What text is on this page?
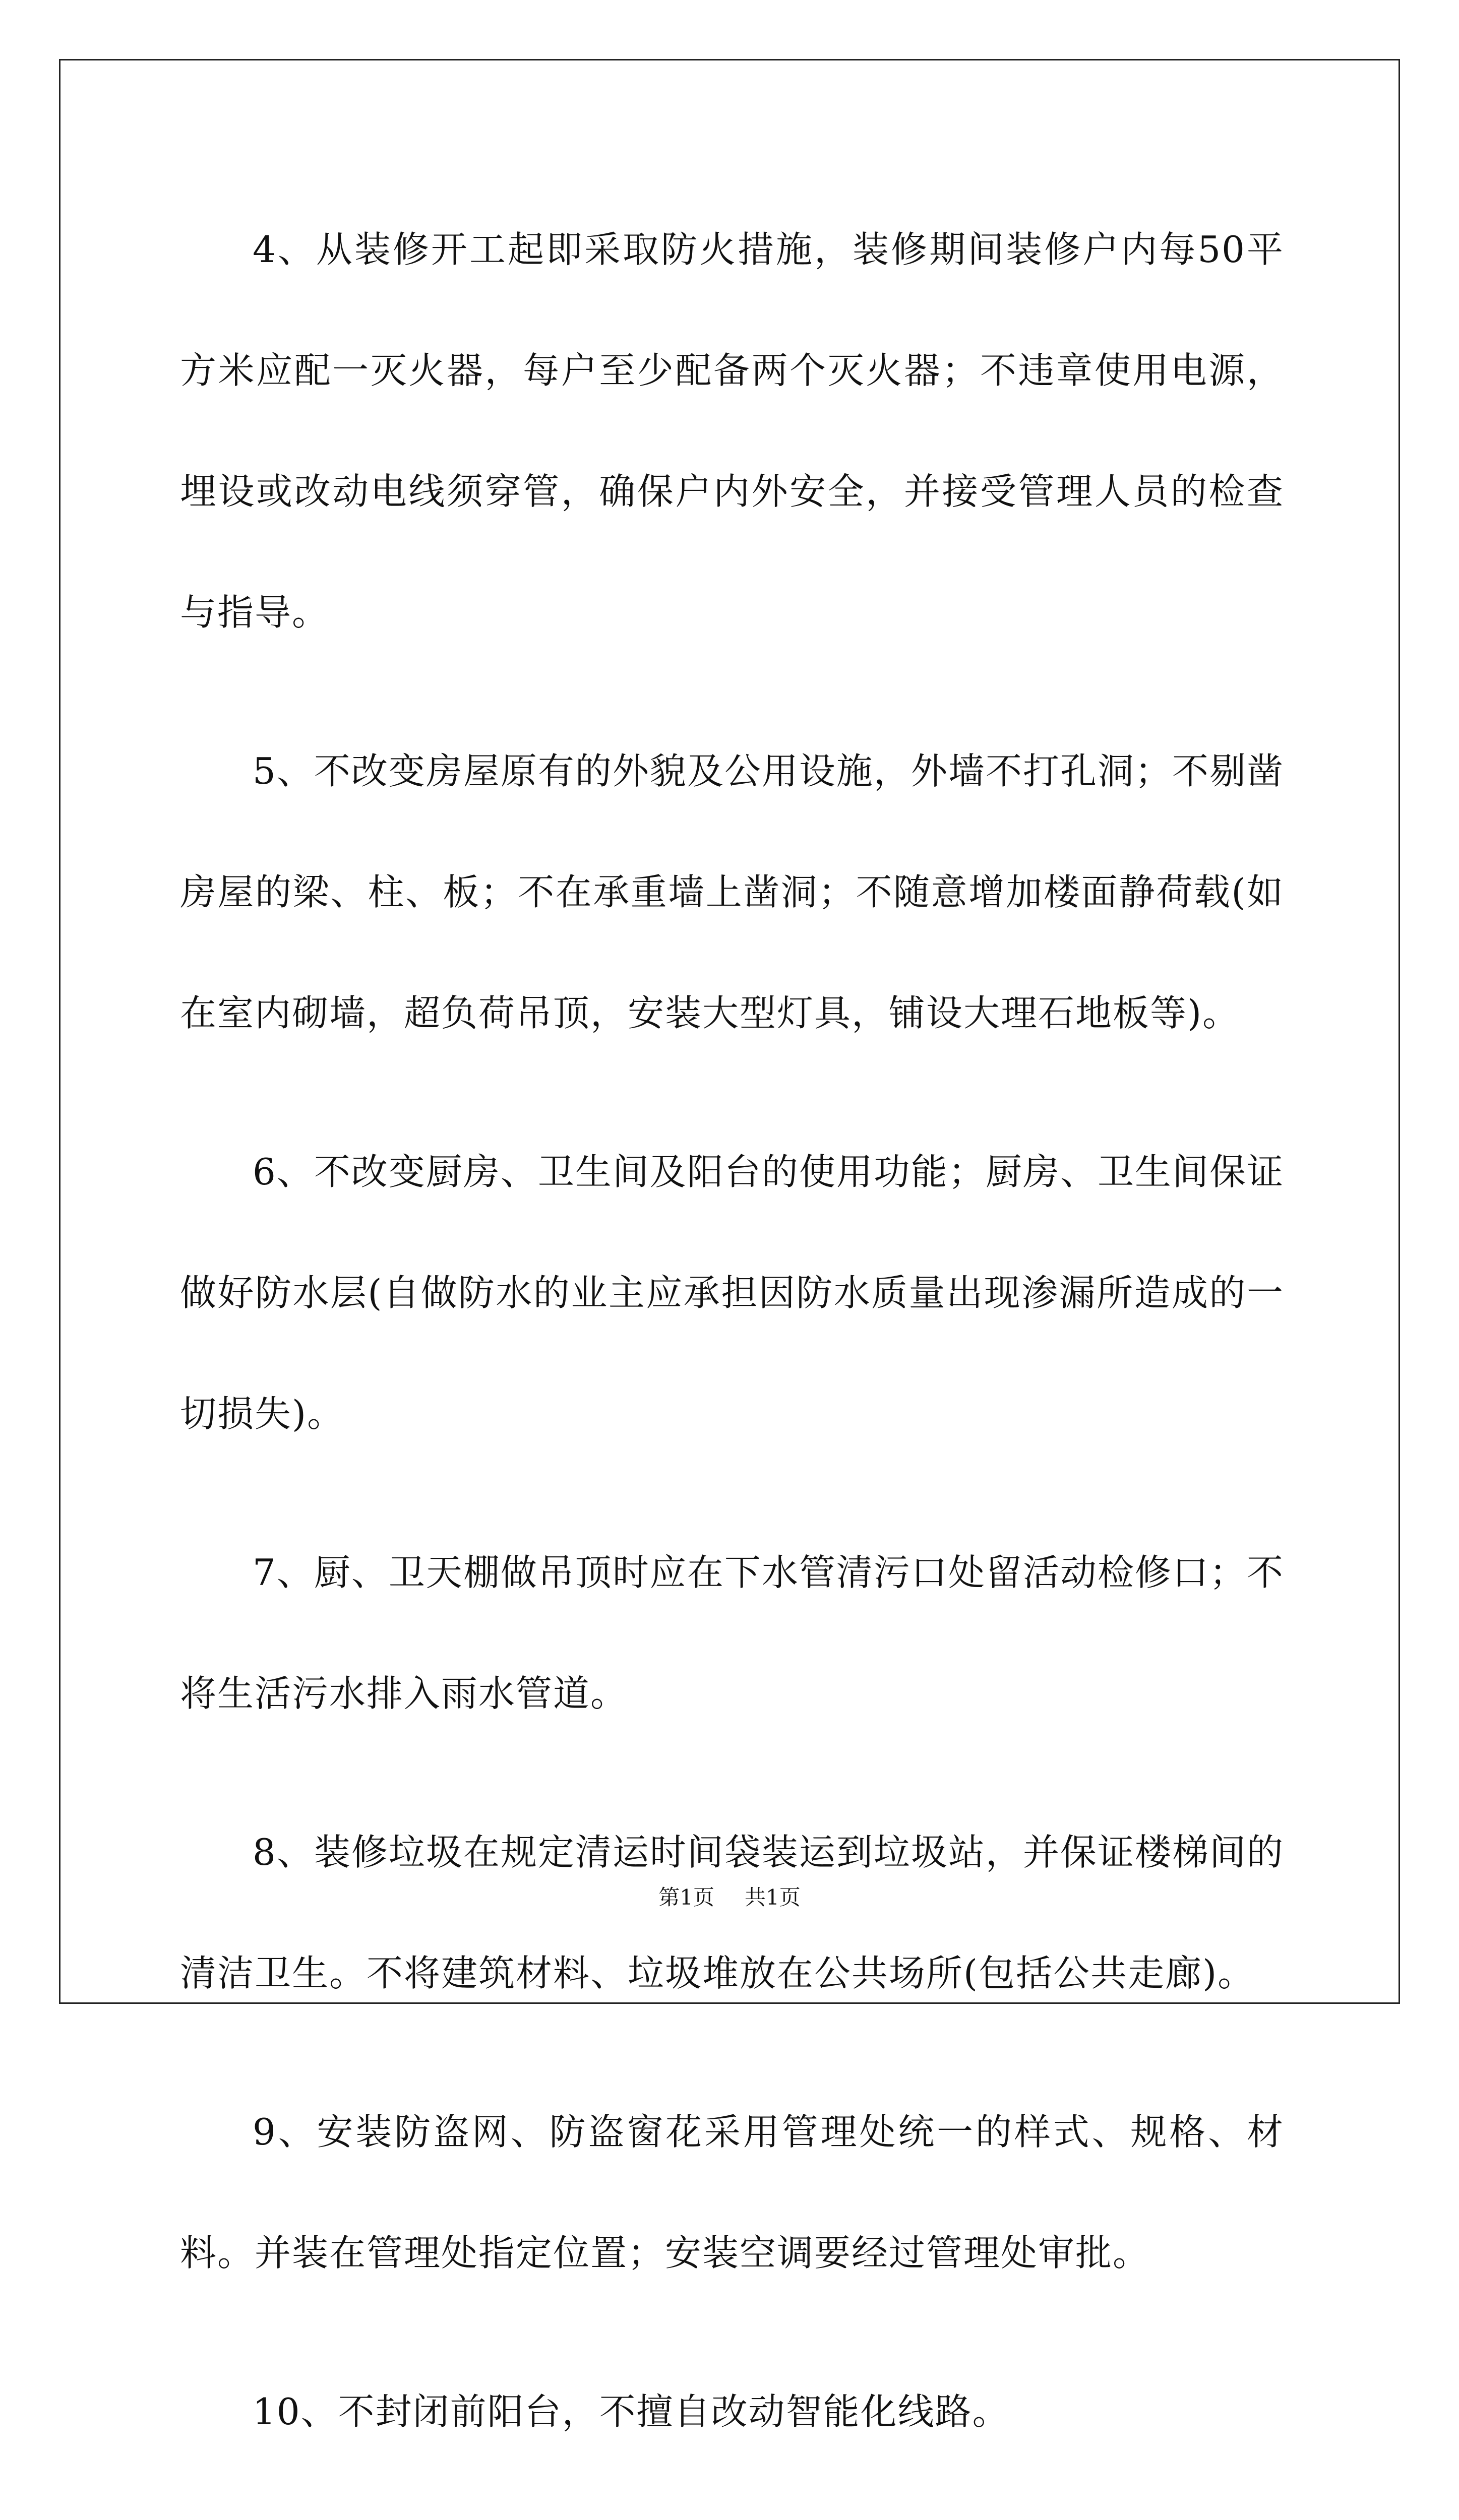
4、从装修开工起即采取防火措施，装修期间装修户内每50平方米应配一灭火器，每户至少配备两个灭火器；不违章使用电源，埋设或改动电线须穿管，确保户内外安全，并接受管理人员的检查与指导。

5、不改变房屋原有的外貌及公用设施，外墙不打孔洞；不剔凿房屋的梁、柱、板；不在承重墙上凿洞；不随意增加楼面静荷载(如在室内砌墙，超负荷吊顶，安装大型灯具，铺设大理石地板等)。

6、不改变厨房、卫生间及阳台的使用功能；厨房、卫生间保证做好防水层(自做防水的业主应承担因防水质量出现渗漏所造成的一切损失)。

7、厨、卫天棚做吊顶时应在下水管清污口处留活动检修口；不将生活污水排入雨水管道。

8、装修垃圾在规定清运时间袋装运到垃圾站，并保证楼梯间的清洁卫生。不将建筑材料、垃圾堆放在公共场所(包括公共走廊)。

9、安装防盗网、防盗窗花采用管理处统一的样式、规格、材料。并装在管理处指定位置；安装空调要经过管理处审批。

10、不封闭前阳台，不擅自改动智能化线路。

第1页 共1页
